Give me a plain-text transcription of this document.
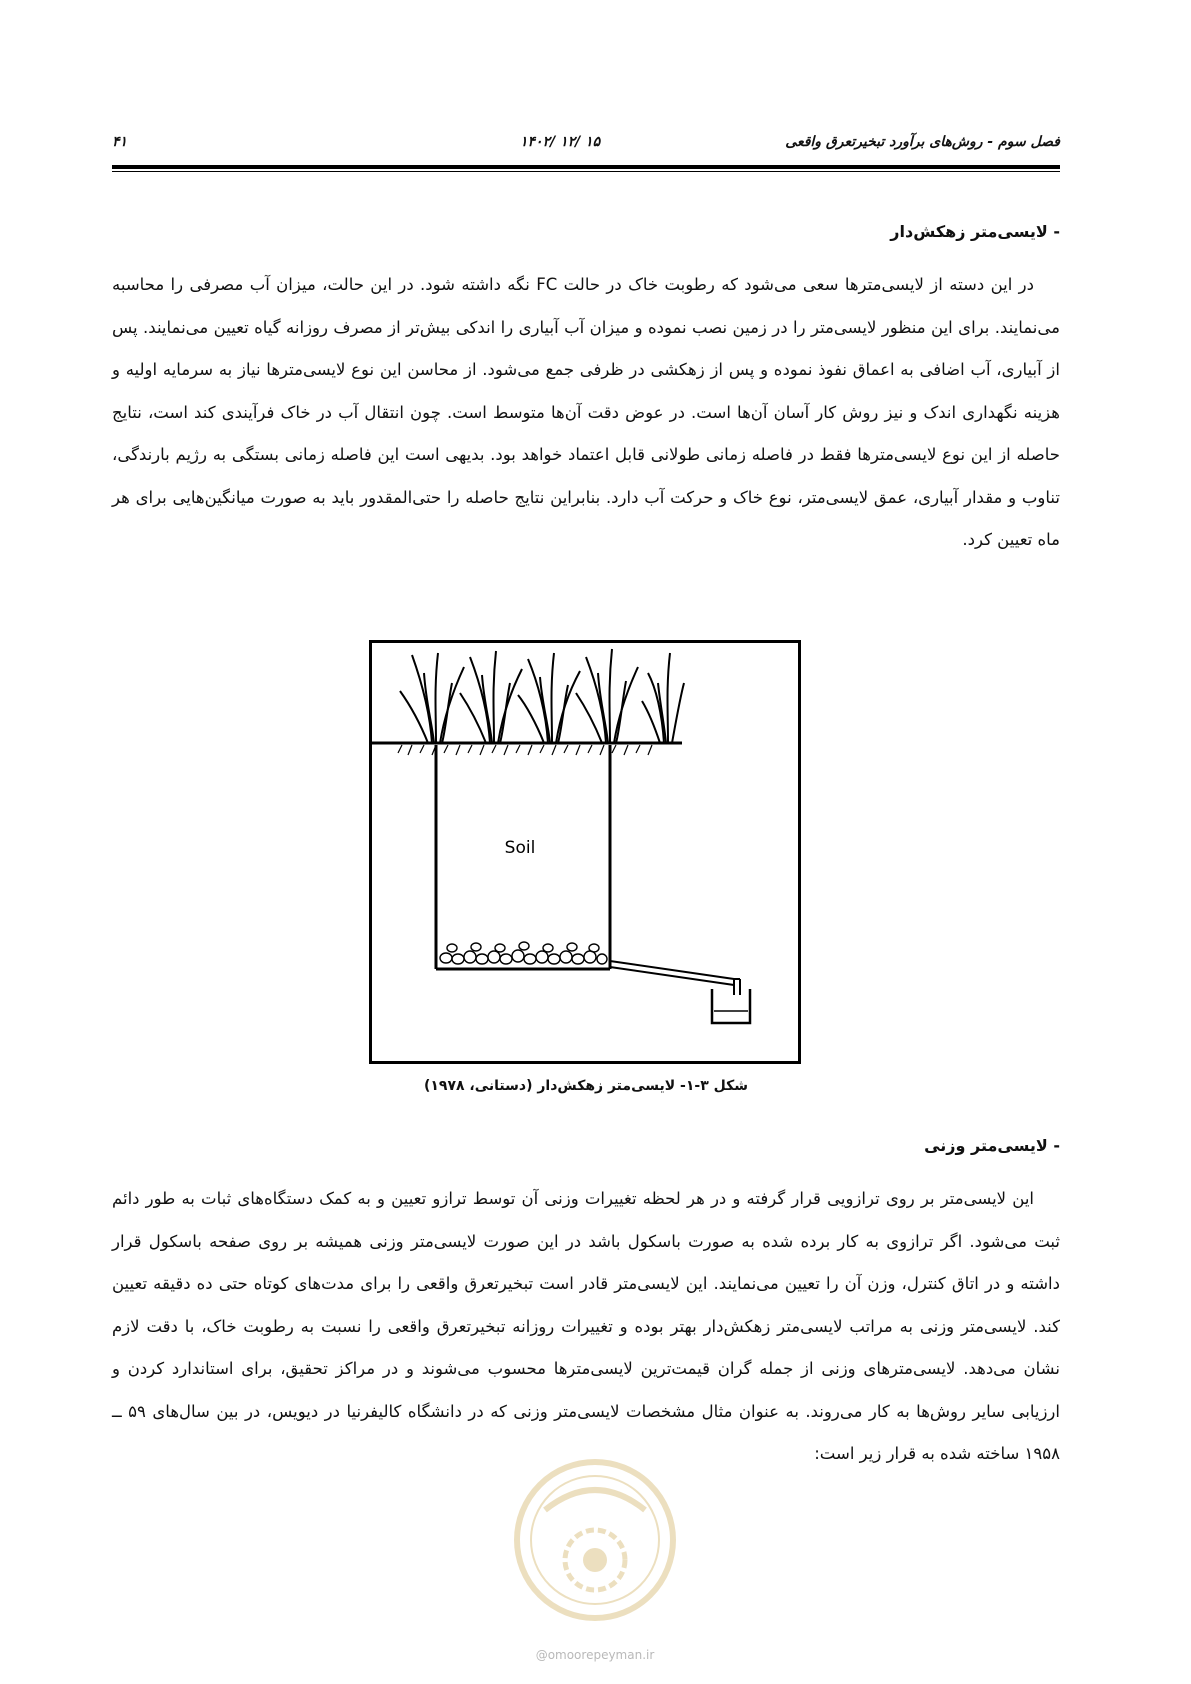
فصل سوم - روش‌های برآورد تبخیرتعرق واقعی
۱۴۰۲/ ۱۲/ ۱۵
۴۱
- لایسی‌متر زهکش‌دار

در این دسته از لایسی‌مترها سعی می‌شود که رطوبت خاک در حالت FC نگه داشته شود. در این حالت، میزان آب مصرفی را محاسبه می‌نمایند. برای این منظور لایسی‌متر را در زمین نصب نموده و میزان آب آبیاری را اندکی بیش‌تر از مصرف روزانه گیاه تعیین می‌نمایند. پس از آبیاری، آب اضافی به اعماق نفوذ نموده و پس از زهکشی در ظرفی جمع می‌شود. از محاسن این نوع لایسی‌مترها نیاز به سرمایه اولیه و هزینه نگهداری اندک و نیز روش کار آسان آن‌ها است. در عوض دقت آن‌ها متوسط است. چون انتقال آب در خاک فرآیندی کند است، نتایج حاصله از این نوع لایسی‌مترها فقط در فاصله زمانی طولانی قابل اعتماد خواهد بود. بدیهی است این فاصله زمانی بستگی به رژیم بارندگی، تناوب و مقدار آبیاری، عمق لایسی‌متر، نوع خاک و حرکت آب دارد. بنابراین نتایج حاصله را حتی‌المقدور باید به صورت میانگین‌هایی برای هر ماه تعیین کرد.

Soil
شکل ۳-۱- لایسی‌متر زهکش‌دار (دستانی، ۱۹۷۸)
- لایسی‌متر وزنی

این لایسی‌متر بر روی ترازویی قرار گرفته و در هر لحظه تغییرات وزنی آن توسط ترازو تعیین و به کمک دستگاه‌های ثبات به طور دائم ثبت می‌شود. اگر ترازوی به کار برده شده به صورت باسکول باشد در این صورت لایسی‌متر وزنی همیشه بر روی صفحه باسکول قرار داشته و در اتاق کنترل، وزن آن را تعیین می‌نمایند. این لایسی‌متر قادر است تبخیرتعرق واقعی را برای مدت‌های کوتاه حتی ده دقیقه تعیین کند. لایسی‌متر وزنی به مراتب لایسی‌متر زهکش‌دار بهتر بوده و تغییرات روزانه تبخیرتعرق واقعی را نسبت به رطوبت خاک، با دقت لازم نشان می‌دهد. لایسی‌مترهای وزنی از جمله گران قیمت‌ترین لایسی‌مترها محسوب می‌شوند و در مراکز تحقیق، برای استاندارد کردن و ارزیابی سایر روش‌ها به کار می‌روند. به عنوان مثال مشخصات لایسی‌متر وزنی که در دانشگاه کالیفرنیا در دیویس، در بین سال‌های ۵۹ ــ ۱۹۵۸ ساخته شده به قرار زیر است:

@omoorepeyman.ir
